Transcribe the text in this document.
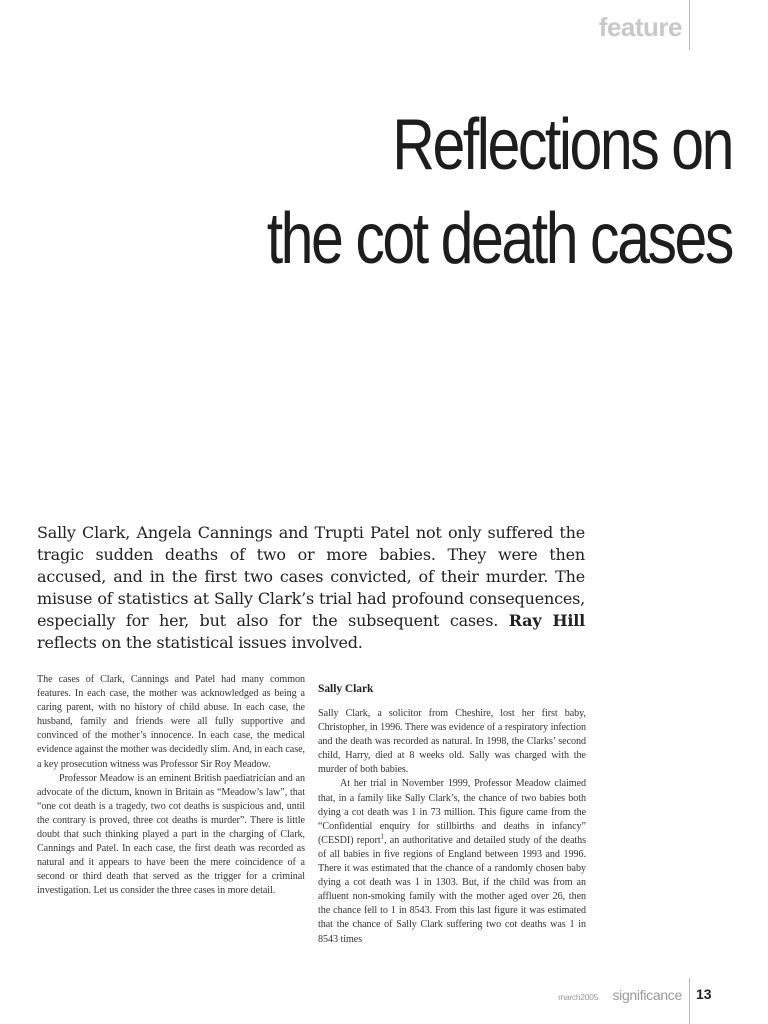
feature
Reflections on
the cot death cases

Sally Clark, Angela Cannings and Trupti Patel not only suffered the tragic sudden deaths of two or more babies. They were then accused, and in the first two cases convicted, of their murder. The misuse of statistics at Sally Clark’s trial had profound consequences, especially for her, but also for the subsequent cases. Ray Hill reflects on the statistical issues involved.

The cases of Clark, Cannings and Patel had many common features. In each case, the mother was acknowledged as being a caring parent, with no history of child abuse. In each case, the husband, family and friends were all fully supportive and convinced of the mother’s innocence. In each case, the medical evidence against the mother was decidedly slim. And, in each case, a key prosecution witness was Professor Sir Roy Meadow.

Professor Meadow is an eminent British paediatrician and an advocate of the dictum, known in Britain as “Meadow’s law”, that “one cot death is a tragedy, two cot deaths is suspicious and, until the contrary is proved, three cot deaths is murder”. There is little doubt that such thinking played a part in the charging of Clark, Cannings and Patel. In each case, the first death was recorded as natural and it appears to have been the mere coincidence of a second or third death that served as the trigger for a criminal investigation. Let us consider the three cases in more detail.

Sally Clark

Sally Clark, a solicitor from Cheshire, lost her first baby, Christopher, in 1996. There was evidence of a respiratory infection and the death was recorded as natural. In 1998, the Clarks’ second child, Harry, died at 8 weeks old. Sally was charged with the murder of both babies.

At her trial in November 1999, Professor Meadow claimed that, in a family like Sally Clark’s, the chance of two babies both dying a cot death was 1 in 73 million. This figure came from the “Confidential enquiry for stillbirths and deaths in infancy” (CESDI) report$^1$, an authoritative and detailed study of the deaths of all babies in five regions of England between 1993 and 1996. There it was estimated that the chance of a randomly chosen baby dying a cot death was 1 in 1303. But, if the child was from an affluent non-smoking family with the mother aged over 26, then the chance fell to 1 in 8543. From this last figure it was estimated that the chance of Sally Clark suffering two cot deaths was 1 in 8543 times

march2005 significance 13
